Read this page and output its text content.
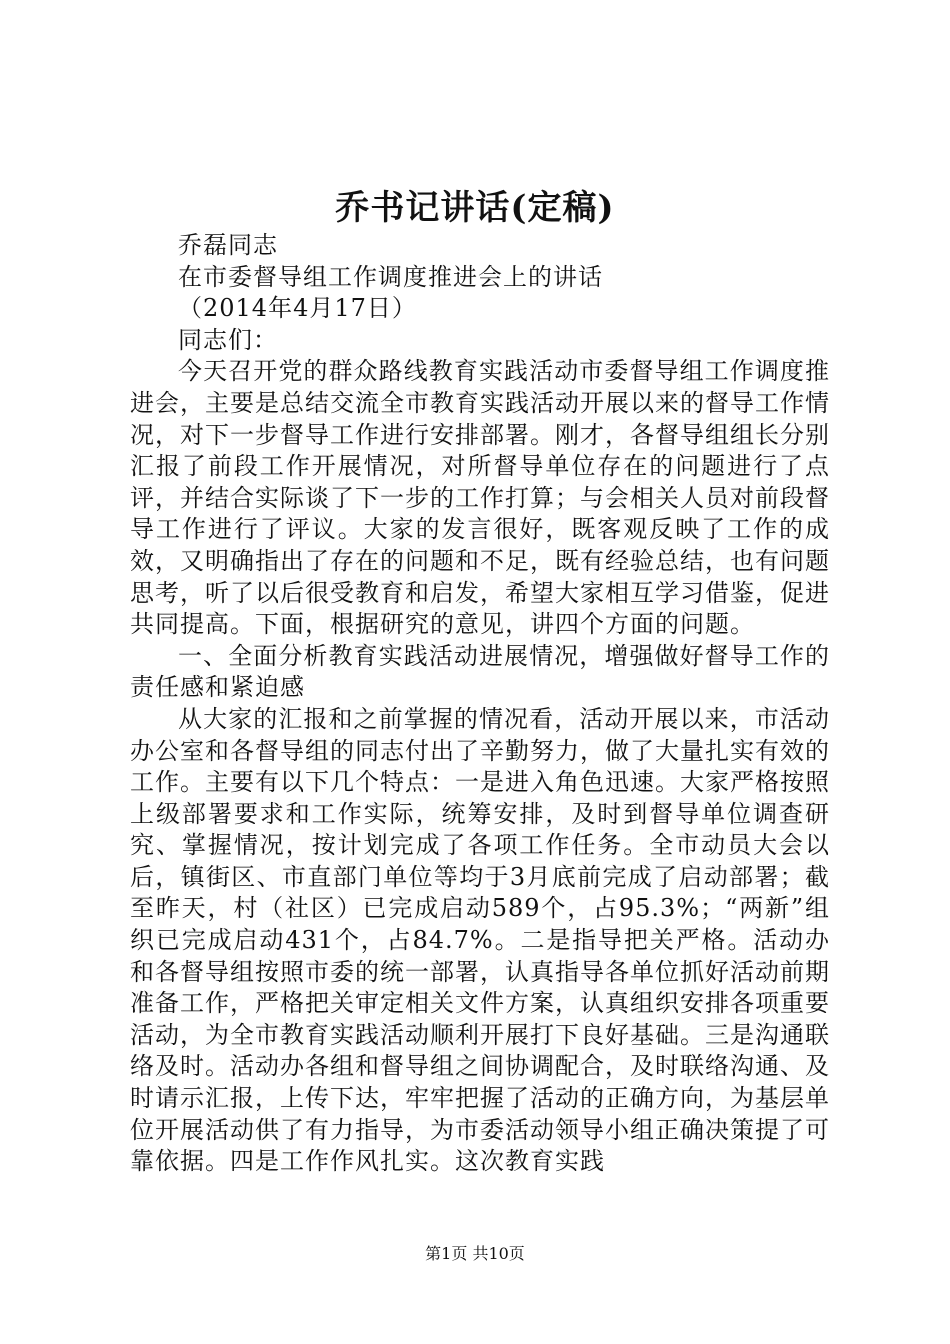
乔书记讲话(定稿)

乔磊同志

在市委督导组工作调度推进会上的讲话

（2014年4月17日）

同志们：

今天召开党的群众路线教育实践活动市委督导组工作调度推进会，主要是总结交流全市教育实践活动开展以来的督导工作情况，对下一步督导工作进行安排部署。刚才，各督导组组长分别汇报了前段工作开展情况，对所督导单位存在的问题进行了点评，并结合实际谈了下一步的工作打算；与会相关人员对前段督导工作进行了评议。大家的发言很好，既客观反映了工作的成效，又明确指出了存在的问题和不足，既有经验总结，也有问题思考，听了以后很受教育和启发，希望大家相互学习借鉴，促进共同提高。下面，根据研究的意见，讲四个方面的问题。

一、全面分析教育实践活动进展情况，增强做好督导工作的责任感和紧迫感

从大家的汇报和之前掌握的情况看，活动开展以来，市活动办公室和各督导组的同志付出了辛勤努力，做了大量扎实有效的工作。主要有以下几个特点：一是进入角色迅速。大家严格按照上级部署要求和工作实际，统筹安排，及时到督导单位调查研究、掌握情况，按计划完成了各项工作任务。全市动员大会以后，镇街区、市直部门单位等均于3月底前完成了启动部署；截至昨天，村（社区）已完成启动589个，占95.3%；“两新”组织已完成启动431个，占84.7%。二是指导把关严格。活动办和各督导组按照市委的统一部署，认真指导各单位抓好活动前期准备工作，严格把关审定相关文件方案，认真组织安排各项重要活动，为全市教育实践活动顺利开展打下良好基础。三是沟通联络及时。活动办各组和督导组之间协调配合，及时联络沟通、及时请示汇报，上传下达，牢牢把握了活动的正确方向，为基层单位开展活动供了有力指导，为市委活动领导小组正确决策提了可靠依据。四是工作作风扎实。这次教育实践

第1页 共10页
